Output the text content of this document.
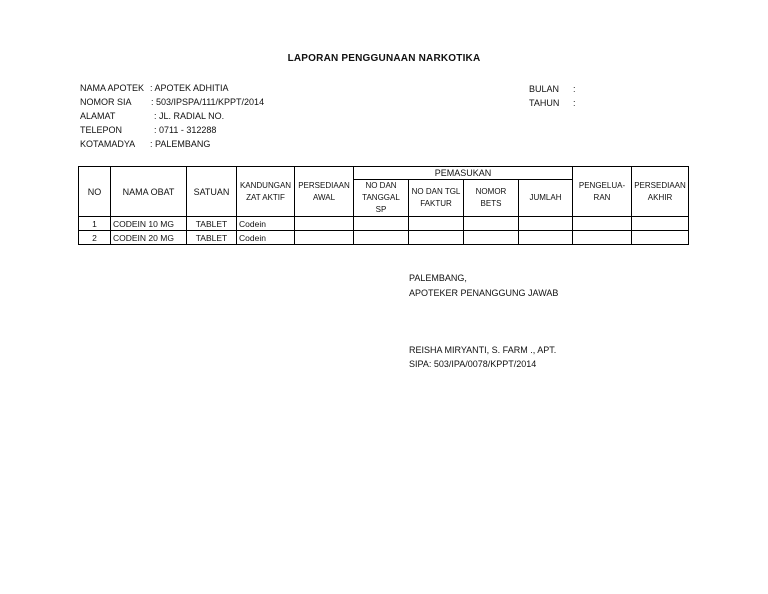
LAPORAN PENGGUNAAN NARKOTIKA
NAMA APOTEK : APOTEK ADHITIA
NOMOR SIA : 503/IPSPA/111/KPPT/2014
ALAMAT	: JL. RADIAL NO.
TELEPON	: 0711 - 312288
KOTAMADYA : PALEMBANG
BULAN :
TAHUN :
NO	NAMA OBAT	SATUAN	KANDUNGAN ZAT AKTIF	PERSEDIAAN AWAL	PEMASUKAN				PENGELUA- RAN	PERSEDIAAN AKHIR
					NO DAN TANGGAL SP	NO DAN TGL FAKTUR	NOMOR BETS	JUMLAH		
1	CODEIN 10 MG	TABLET	Codein							
2	CODEIN 20 MG	TABLET	Codein							
PALEMBANG,
APOTEKER PENANGGUNG JAWAB
REISHA MIRYANTI, S. FARM ., APT.
SIPA: 503/IPA/0078/KPPT/2014
